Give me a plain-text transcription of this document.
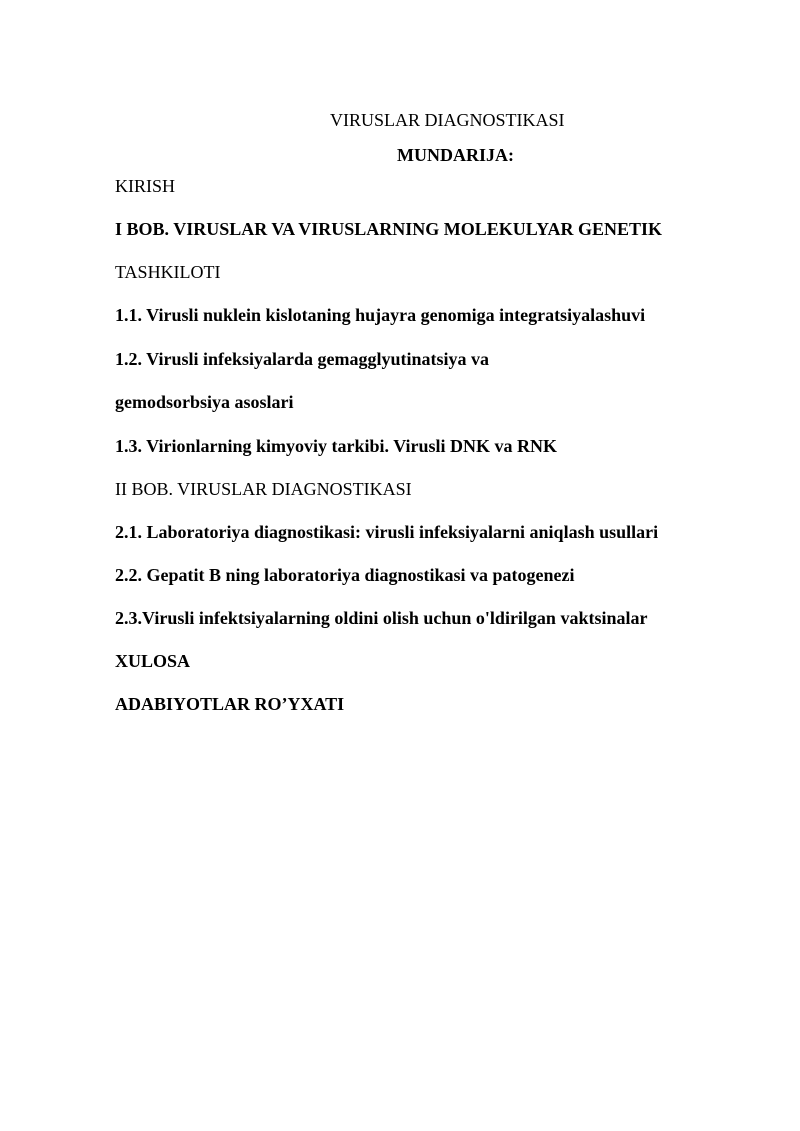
VIRUSLAR DIAGNOSTIKASI
MUNDARIJA:
KIRISH
I BOB. VIRUSLAR VA VIRUSLARNING MOLEKULYAR GENETIK
TASHKILOTI
1.1. Virusli nuklein kislotaning hujayra genomiga integratsiyalashuvi
1.2. Virusli infeksiyalarda gemagglyutinatsiya va
gemodsorbsiya asoslari
1.3. Virionlarning kimyoviy tarkibi. Virusli DNK va RNK
II BOB. VIRUSLAR DIAGNOSTIKASI
2.1. Laboratoriya diagnostikasi: virusli infeksiyalarni aniqlash usullari
2.2. Gepatit B ning laboratoriya diagnostikasi va patogenezi
2.3.Virusli infektsiyalarning oldini olish uchun o'ldirilgan vaktsinalar
XULOSA
ADABIYOTLAR RO’YXATI
